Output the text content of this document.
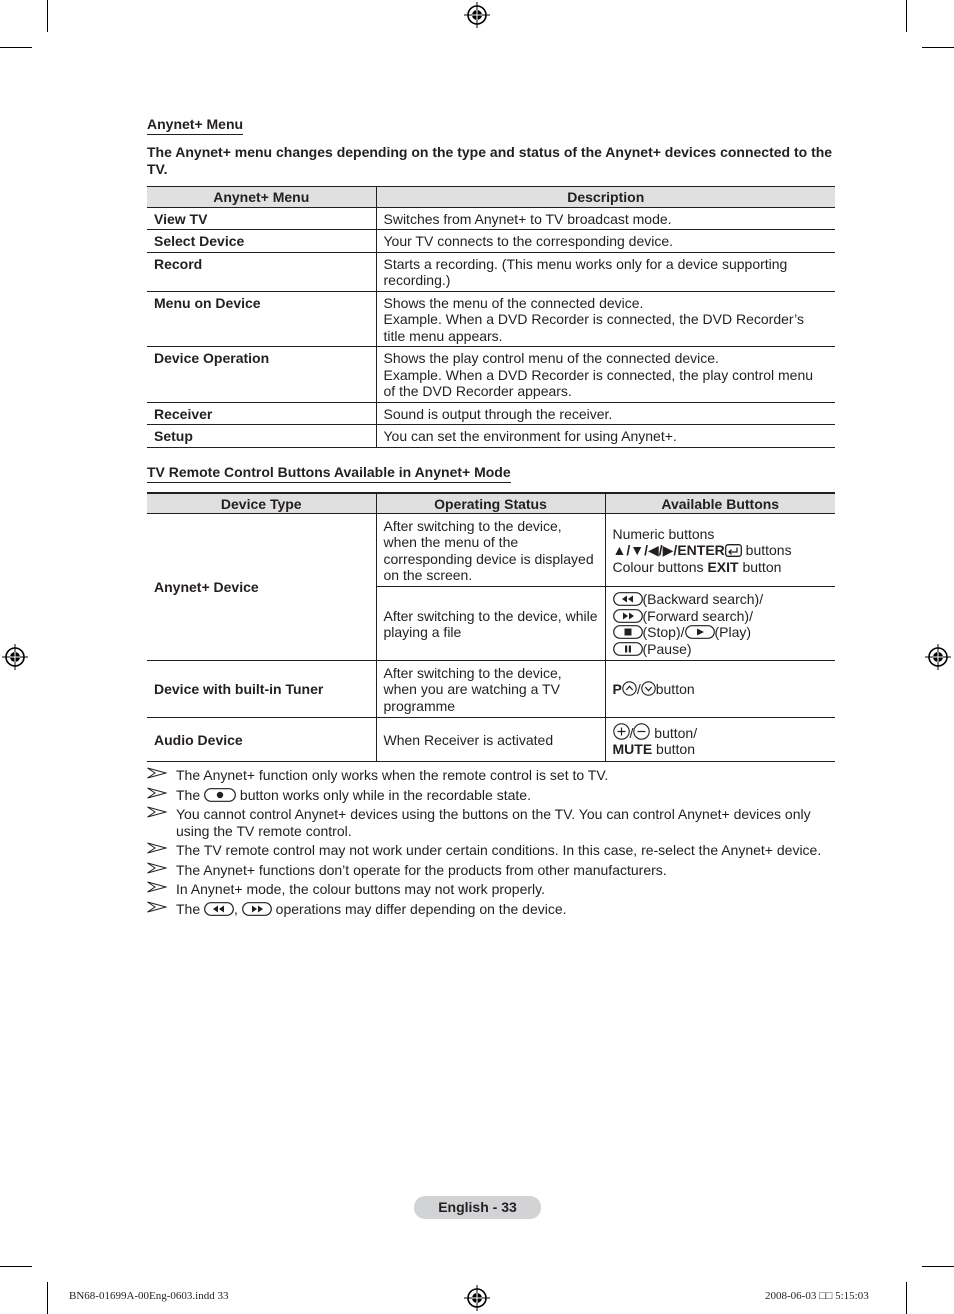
Anynet+ Menu
The Anynet+ menu changes depending on the type and status of the Anynet+ devices connected to the TV.
Anynet+ Menu	Description
View TV	Switches from Anynet+ to TV broadcast mode.

Select Device	Your TV connects to the corresponding device.

Record	Starts a recording. (This menu works only for a device supporting recording.)

Menu on Device	Shows the menu of the connected device.
Example. When a DVD Recorder is connected, the DVD Recorder’s title menu appears.

Device Operation	Shows the play control menu of the connected device.
Example. When a DVD Recorder is connected, the play control menu of the DVD Recorder appears.

Receiver	Sound is output through the receiver.

Setup	You can set the environment for using Anynet+.
TV Remote Control Buttons Available in Anynet+ Mode
Device Type	Operating Status	Available Buttons
Anynet+ Device	After switching to the device, when the menu of the corresponding device is displayed on the screen.	Numeric buttons
▲/▼/◀/▶/ENTER buttons
Colour buttons EXIT button

	After switching to the device, while playing a file	(Backward search)/
(Forward search)/
(Stop)/ (Play)
(Pause)

Device with built-in Tuner	After switching to the device, when you are watching a TV programme	P / button

Audio Device	When Receiver is activated	/ button/
MUTE button
The Anynet+ function only works when the remote control is set to TV.
The  button works only while in the recordable state.
You cannot control Anynet+ devices using the buttons on the TV. You can control Anynet+ devices only using the TV remote control.
The TV remote control may not work under certain conditions. In this case, re-select the Anynet+ device.
The Anynet+ functions don’t operate for the products from other manufacturers.
In Anynet+ mode, the colour buttons may not work properly.
The ,  operations may differ depending on the device.
English - 33
BN68-01699A-00Eng-0603.indd 33	2008-06-03 □□ 5:15:03
